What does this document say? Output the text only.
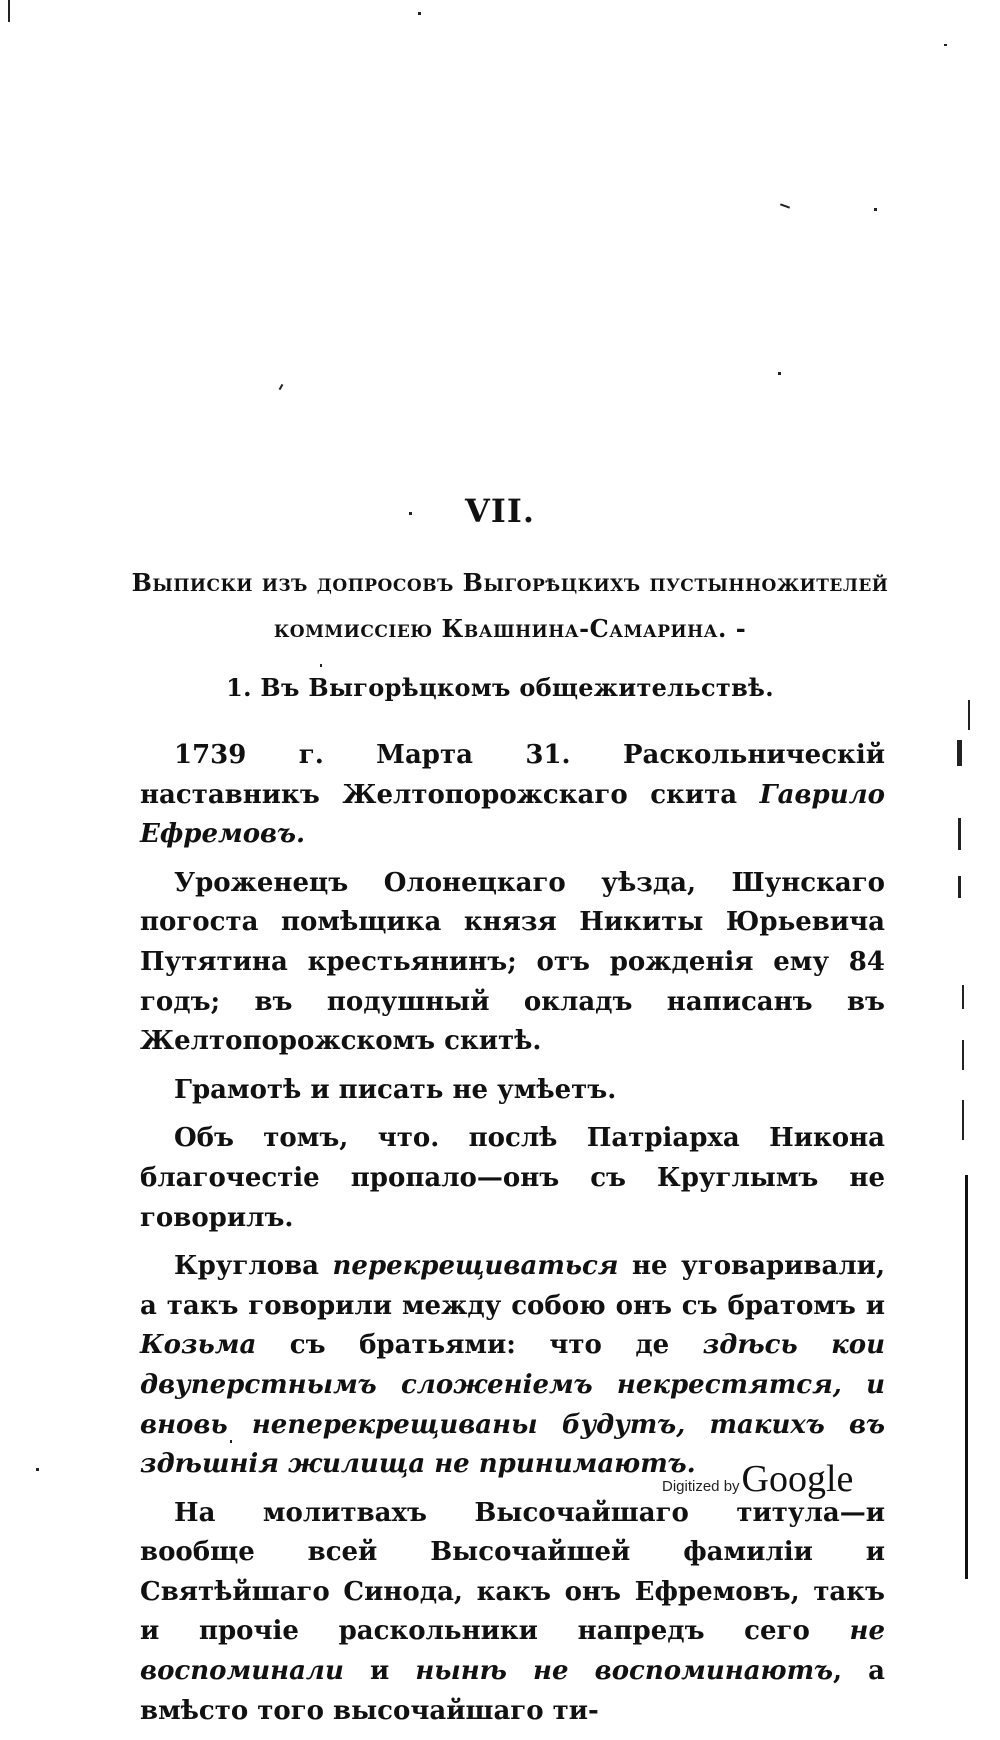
VII.
Выписки изъ допросовъ Выгорѣцкихъ пустынножителей
коммиссіею Квашнина-Самарина. -
1. Въ Выгорѣцкомъ общежительствѣ.

1739 г. Марта 31. Раскольническій наставникъ Желтопорожскаго скита Гаврило Ефремовъ.

Уроженецъ Олонецкаго уѣзда, Шунскаго погоста помѣщика князя Никиты Юрьевича Путятина крестьянинъ; отъ рожденія ему 84 годъ; въ подушный окладъ написанъ въ Желтопорожскомъ скитѣ.

Грамотѣ и писать не умѣетъ.

Объ томъ, что. послѣ Патріарха Никона благочестіе пропало—онъ съ Круглымъ не говорилъ.

Круглова перекрещиваться не уговаривали, а такъ говорили между собою онъ съ братомъ и Козьма съ братьями: что де здѣсь кои двуперстнымъ сложеніемъ некрестятся, и вновь неперекрещиваны будутъ, такихъ въ здѣшнія жилища не принимаютъ.

На молитвахъ Высочайшаго титула—и вообще всей Высочайшей фамиліи и Святѣйшаго Синода, какъ онъ Ефремовъ, такъ и прочіе раскольники напредъ сего не воспоминали и нынѣ не воспоминаютъ, а вмѣсто того высочайшаго ти-

Digitized by Google
